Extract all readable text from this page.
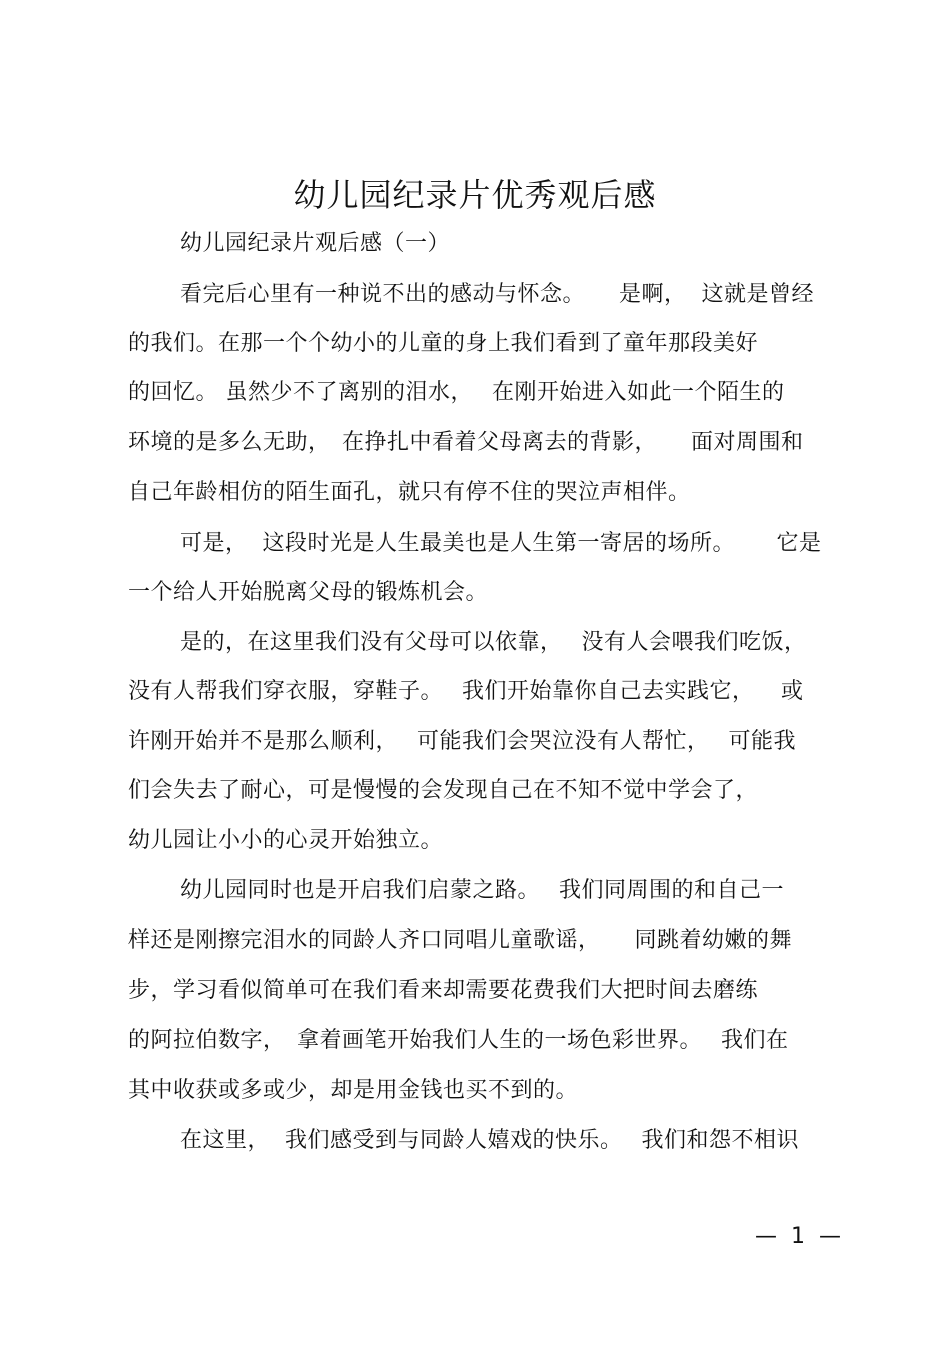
幼儿园纪录片优秀观后感
幼儿园纪录片观后感（一）
看完后心里有一种说不出的感动与怀念。　　是啊，  这就是曾经
的我们。在那一个个幼小的儿童的身上我们看到了童年那段美好
的回忆。 虽然少不了离别的泪水，　 在刚开始进入如此一个陌生的
环境的是多么无助，　在挣扎中看着父母离去的背影，　　面对周围和
自己年龄相仿的陌生面孔，就只有停不住的哭泣声相伴。
可是，  这段时光是人生最美也是人生第一寄居的场所。　　 它是
一个给人开始脱离父母的锻炼机会。
是的，在这里我们没有父母可以依靠，　 没有人会喂我们吃饭，
没有人帮我们穿衣服，穿鞋子。　 我们开始靠你自己去实践它，　  或
许刚开始并不是那么顺利，　 可能我们会哭泣没有人帮忙，　 可能我
们会失去了耐心，可是慢慢的会发现自己在不知不觉中学会了，
幼儿园让小小的心灵开始独立。
幼儿园同时也是开启我们启蒙之路。　 我们同周围的和自己一
样还是刚擦完泪水的同龄人齐口同唱儿童歌谣，　　同跳着幼嫩的舞
步，学习看似简单可在我们看来却需要花费我们大把时间去磨练
的阿拉伯数字，　拿着画笔开始我们人生的一场色彩世界。　 我们在
其中收获或多或少，却是用金钱也买不到的。
在这里，  我们感受到与同龄人嬉戏的快乐。　 我们和怨不相识
—  1  —
